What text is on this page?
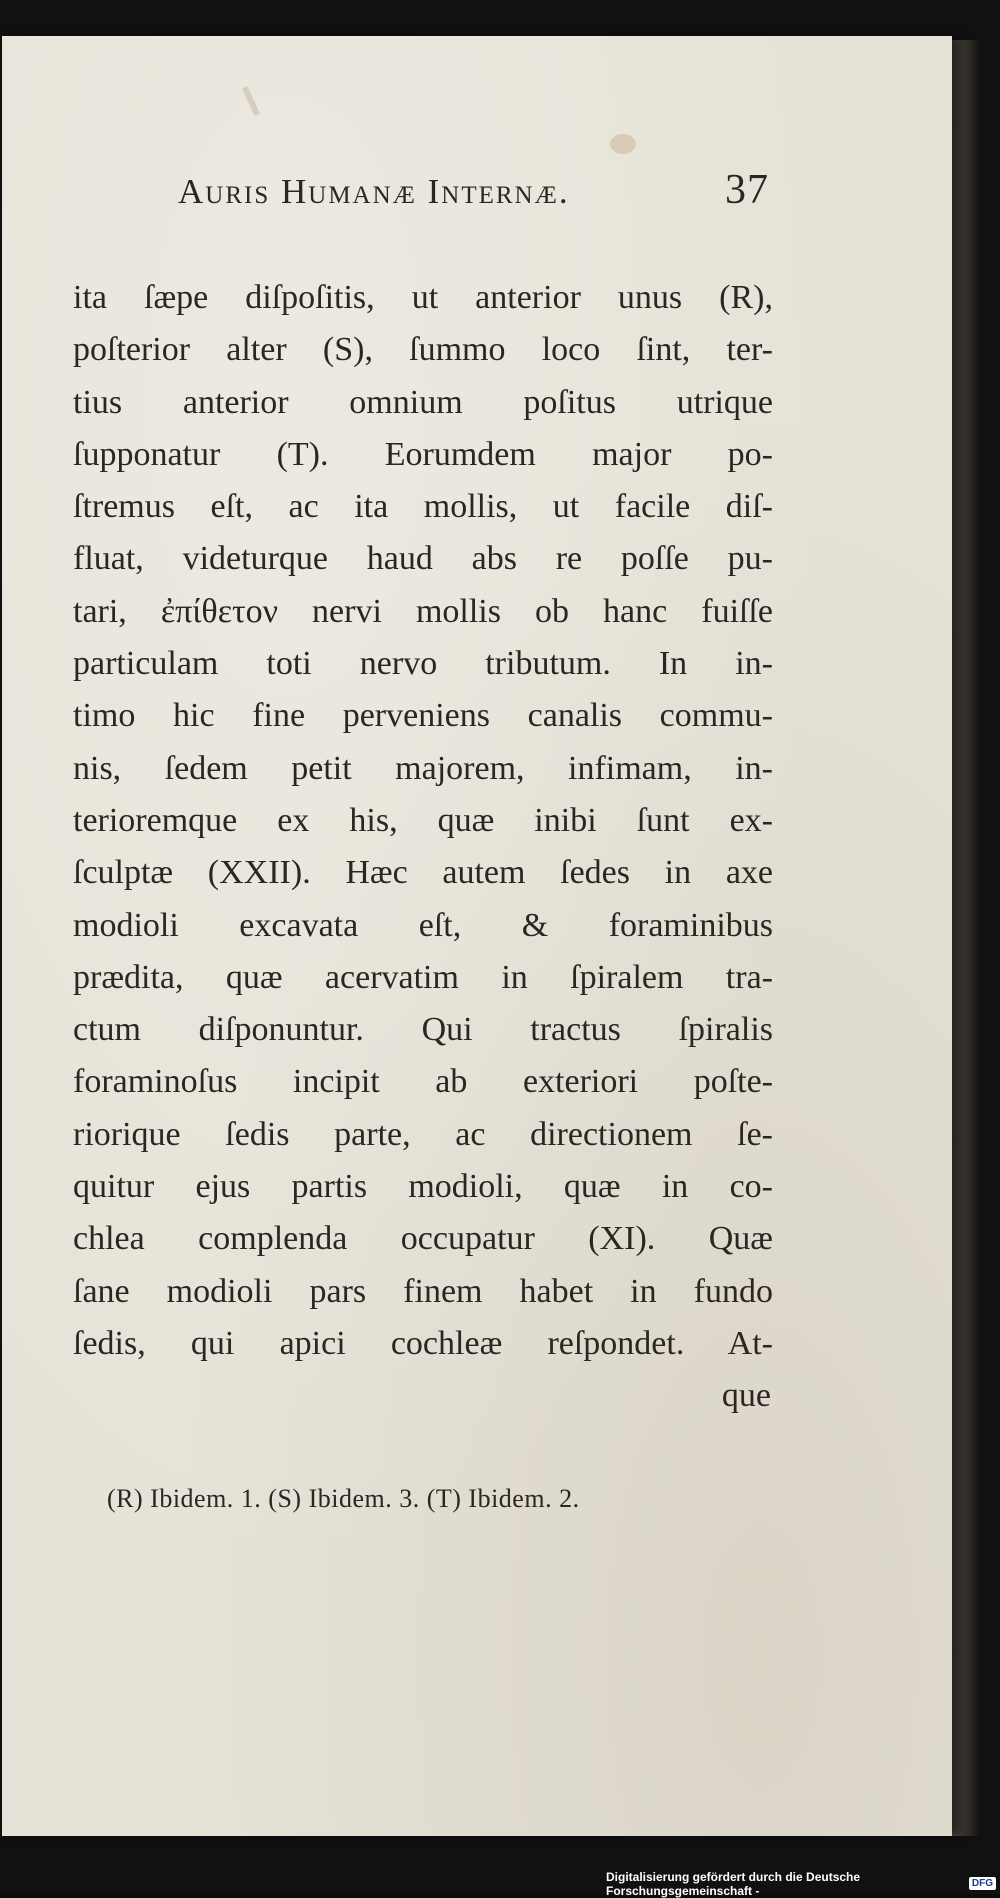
Auris Humanæ Internæ.	37
ita ſæpe diſpoſitis, ut anterior unus (R),
poſterior alter (S), ſummo loco ſint, ter-
tius anterior omnium poſitus utrique
ſupponatur (T). Eorumdem major po-
ſtremus eſt, ac ita mollis, ut facile diſ-
fluat, videturque haud abs re poſſe pu-
tari, ἐπίθετον nervi mollis ob hanc fuiſſe
particulam toti nervo tributum. In in-
timo hic fine perveniens canalis commu-
nis, ſedem petit majorem, infimam, in-
terioremque ex his, quæ inibi ſunt ex-
ſculptæ (XXII). Hæc autem ſedes in axe
modioli excavata eſt, & foraminibus
prædita, quæ acervatim in ſpiralem tra-
ctum diſponuntur. Qui tractus ſpiralis
foraminoſus incipit ab exteriori poſte-
riorique ſedis parte, ac directionem ſe-
quitur ejus partis modioli, quæ in co-
chlea complenda occupatur (XI). Quæ
ſane modioli pars finem habet in fundo
ſedis, qui apici cochleæ reſpondet. At-
que
(R) Ibidem. 1. (S) Ibidem. 3. (T) Ibidem. 2.
Digitalisierung gefördert durch die Deutsche Forschungsgemeinschaft -	DFG
